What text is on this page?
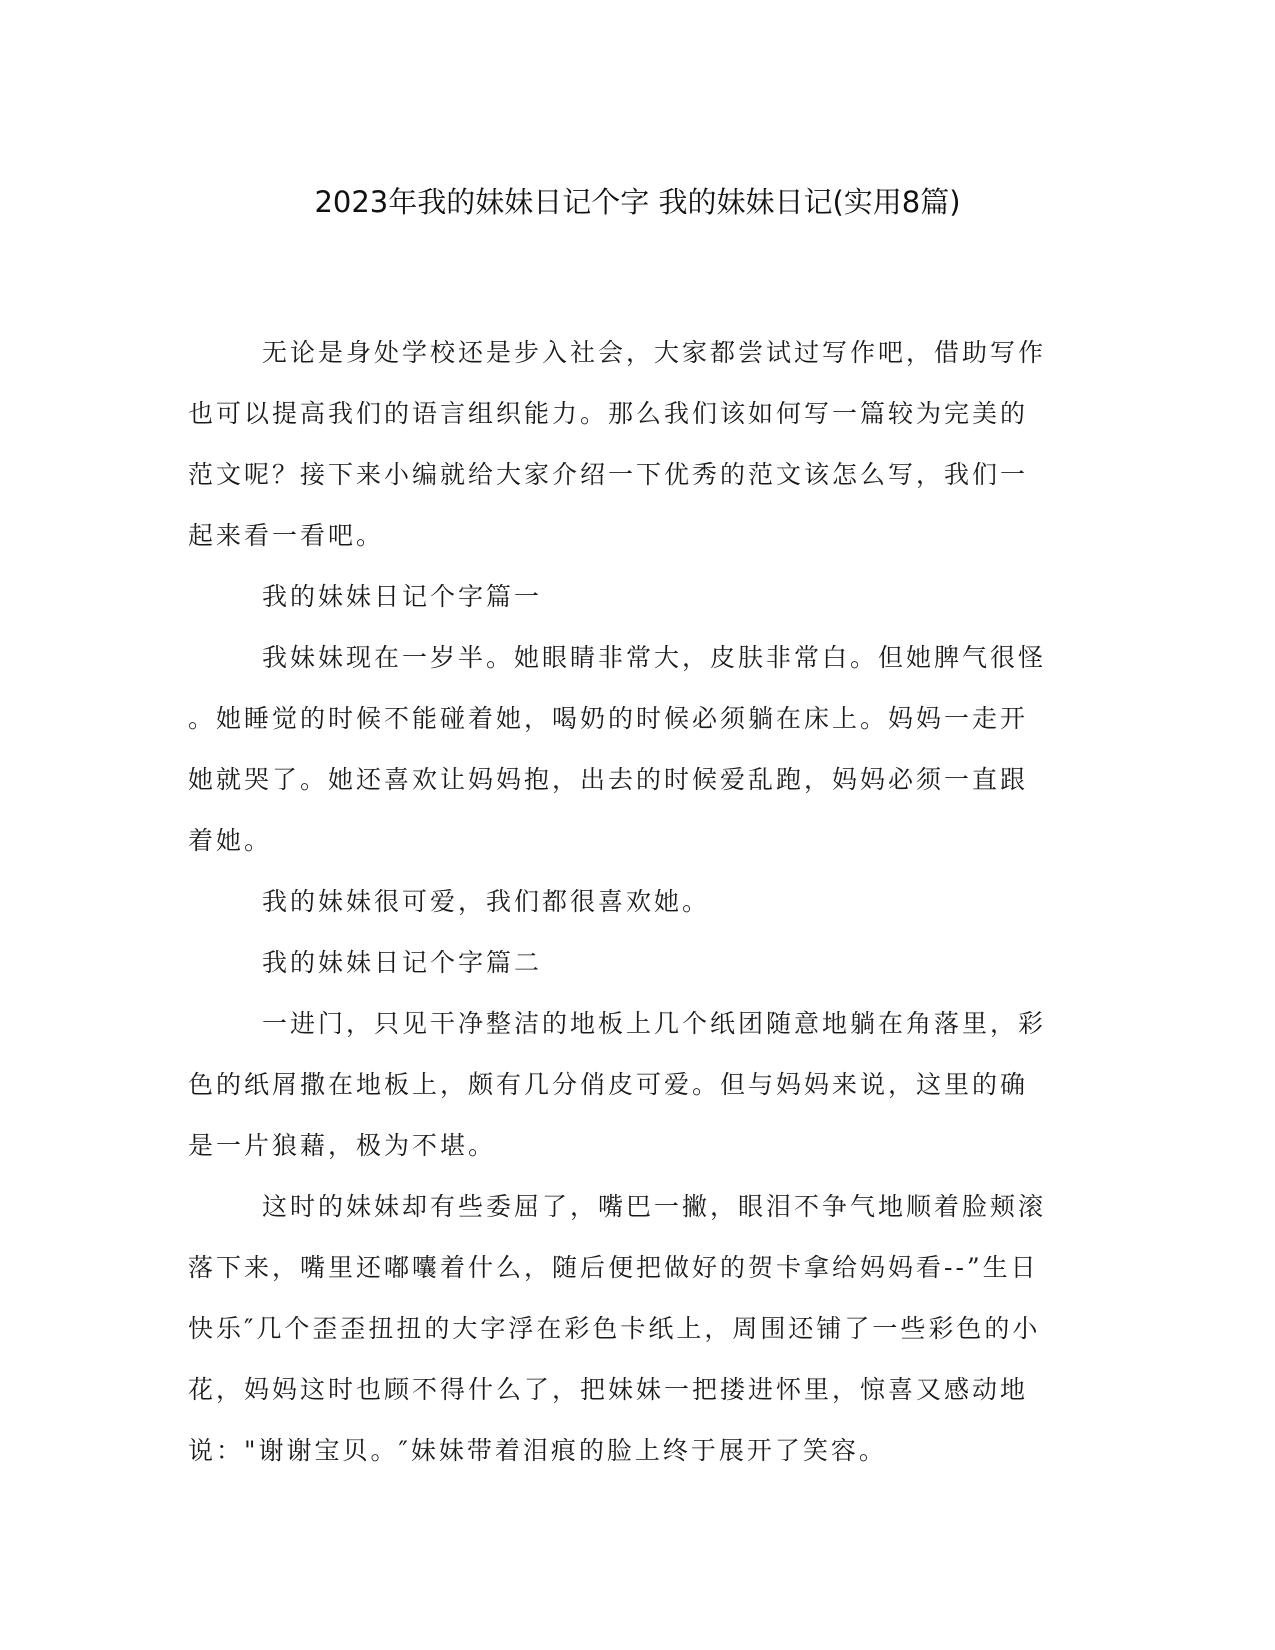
2023年我的妹妹日记个字 我的妹妹日记(实用8篇)

无论是身处学校还是步入社会，大家都尝试过写作吧，借助写作
也可以提高我们的语言组织能力。那么我们该如何写一篇较为完美的
范文呢？接下来小编就给大家介绍一下优秀的范文该怎么写，我们一
起来看一看吧。

我的妹妹日记个字篇一

我妹妹现在一岁半。她眼睛非常大，皮肤非常白。但她脾气很怪
。她睡觉的时候不能碰着她，喝奶的时候必须躺在床上。妈妈一走开
她就哭了。她还喜欢让妈妈抱，出去的时候爱乱跑，妈妈必须一直跟
着她。

我的妹妹很可爱，我们都很喜欢她。

我的妹妹日记个字篇二

一进门，只见干净整洁的地板上几个纸团随意地躺在角落里，彩
色的纸屑撒在地板上，颇有几分俏皮可爱。但与妈妈来说，这里的确
是一片狼藉，极为不堪。

这时的妹妹却有些委屈了，嘴巴一撇，眼泪不争气地顺着脸颊滚
落下来，嘴里还嘟囔着什么，随后便把做好的贺卡拿给妈妈看--”生日
快乐″几个歪歪扭扭的大字浮在彩色卡纸上，周围还铺了一些彩色的小
花，妈妈这时也顾不得什么了，把妹妹一把搂进怀里，惊喜又感动地
说："谢谢宝贝。″妹妹带着泪痕的脸上终于展开了笑容。
